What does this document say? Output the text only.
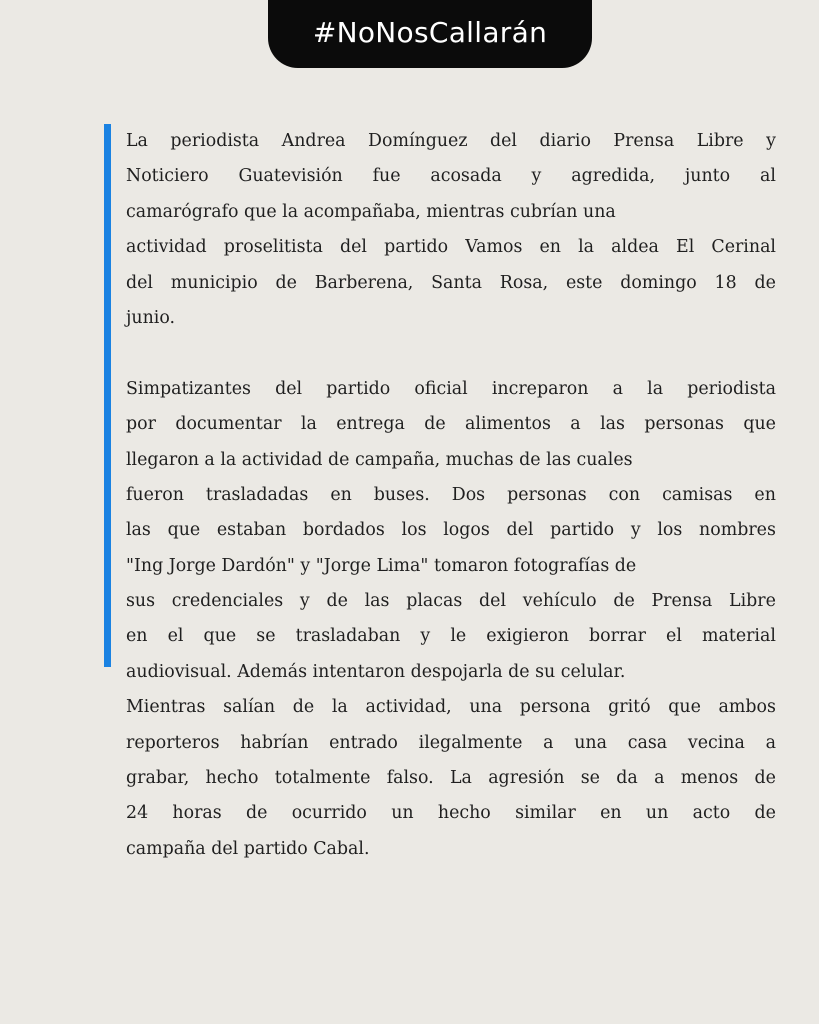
#NoNosCallarán
La periodista Andrea Domínguez del diario Prensa Libre y
Noticiero Guatevisión fue acosada y agredida, junto al
camarógrafo que la acompañaba, mientras cubrían una
actividad proselitista del partido Vamos en la aldea El Cerinal
del municipio de Barberena, Santa Rosa, este domingo 18 de
junio.
Simpatizantes del partido oficial increparon a la periodista
por documentar la entrega de alimentos a las personas que
llegaron a la actividad de campaña, muchas de las cuales
fueron trasladadas en buses. Dos personas con camisas en
las que estaban bordados los logos del partido y los nombres
"Ing Jorge Dardón" y "Jorge Lima" tomaron fotografías de
sus credenciales y de las placas del vehículo de Prensa Libre
en el que se trasladaban y le exigieron borrar el material
audiovisual. Además intentaron despojarla de su celular.
Mientras salían de la actividad, una persona gritó que ambos
reporteros habrían entrado ilegalmente a una casa vecina a
grabar, hecho totalmente falso. La agresión se da a menos de
24 horas de ocurrido un hecho similar en un acto de
campaña del partido Cabal.
